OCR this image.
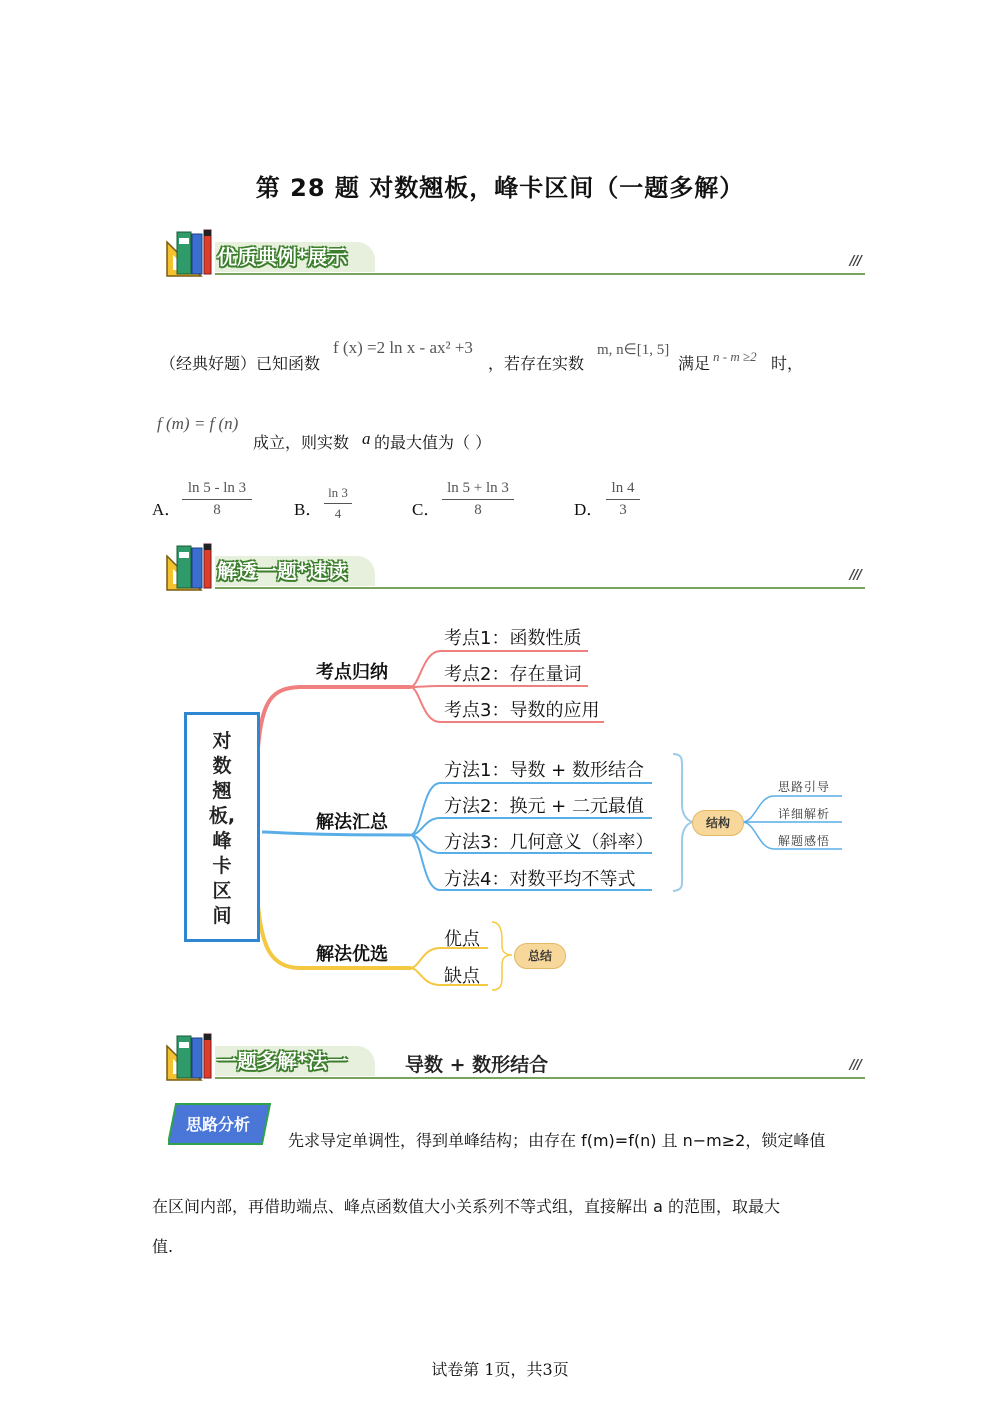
第 28 题 对数翘板，峰卡区间（一题多解）
优质典例*展示	///
（经典好题）已知函数
f (x) =2 ln x - ax² +3
，若存在实数
m, n∈[1, 5]
满足 n - m ≥2 时，
f (m) = f (n)
成立，则实数 a 的最大值为（ ）
A．
ln 5 - ln 3
8	B．
ln 3
4	C．
ln 5 + ln 3
8	D．
ln 4
3
解透一题*速读	///
对
数
翘
板,
峰
卡
区
间
考点归纳
解法汇总
解法优选
考点1：函数性质
考点2：存在量词
考点3：导数的应用
方法1：导数 + 数形结合
方法2：换元 + 二元最值
方法3：几何意义（斜率）
方法4：对数平均不等式
结构
思路引导
详细解析
解题感悟
优点
缺点
总结
一题多解*法一	导数 + 数形结合	///
思路分析
先求导定单调性，得到单峰结构；由存在 f(m)=f(n) 且 n−m≥2，锁定峰值
在区间内部，再借助端点、峰点函数值大小关系列不等式组，直接解出 a 的范围，取最大
值.
试卷第 1页，共3页
